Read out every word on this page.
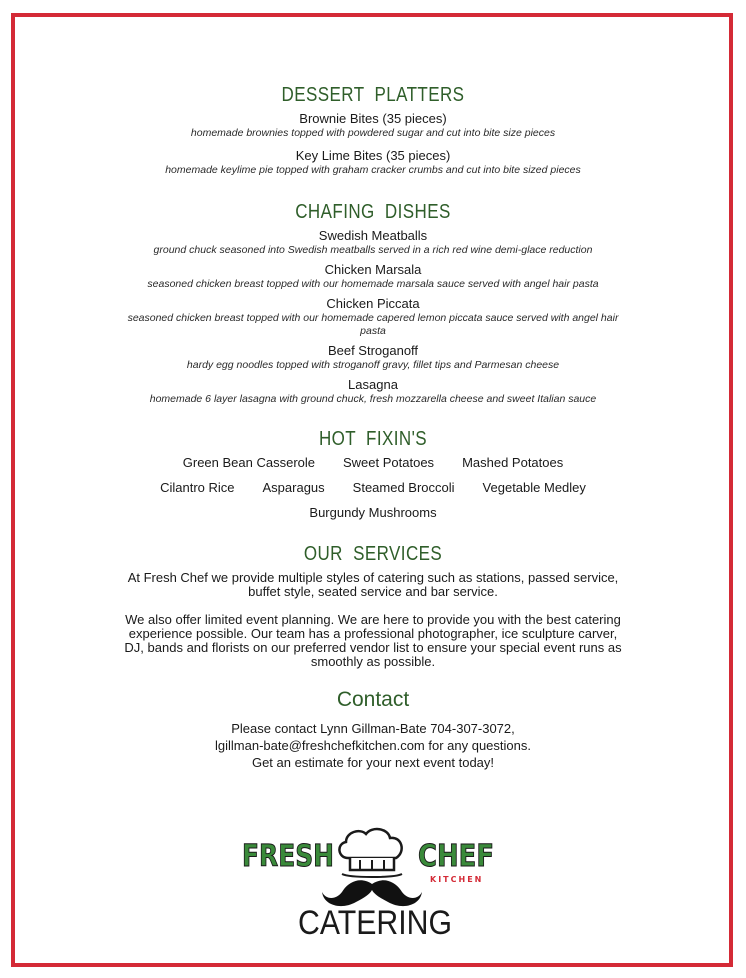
DESSERT PLATTERS
Brownie Bites (35 pieces)
homemade brownies topped with powdered sugar and cut into bite size pieces
Key Lime Bites (35 pieces)
homemade keylime pie topped with graham cracker crumbs and cut into bite sized pieces
CHAFING DISHES
Swedish Meatballs
ground chuck seasoned into Swedish meatballs served in a rich red wine demi-glace reduction
Chicken Marsala
seasoned chicken breast topped with our homemade marsala sauce served with angel hair pasta
Chicken Piccata
seasoned chicken breast topped with our homemade capered lemon piccata sauce served with angel hair pasta
Beef Stroganoff
hardy egg noodles topped with stroganoff gravy, fillet tips and Parmesan cheese
Lasagna
homemade 6 layer lasagna with ground chuck, fresh mozzarella cheese and sweet Italian sauce
HOT FIXIN'S
Green Bean Casserole Sweet Potatoes Mashed Potatoes
Cilantro Rice Asparagus Steamed Broccoli Vegetable Medley
Burgundy Mushrooms
OUR SERVICES
At Fresh Chef we provide multiple styles of catering such as stations, passed service, buffet style, seated service and bar service.
We also offer limited event planning. We are here to provide you with the best catering experience possible. Our team has a professional photographer, ice sculpture carver, DJ, bands and florists on our preferred vendor list to ensure your special event runs as smoothly as possible.
Contact
Please contact Lynn Gillman-Bate 704-307-3072,
lgillman-bate@freshchefkitchen.com for any questions.
Get an estimate for your next event today!
FRESH	CHEF
KITCHEN
CATERING
